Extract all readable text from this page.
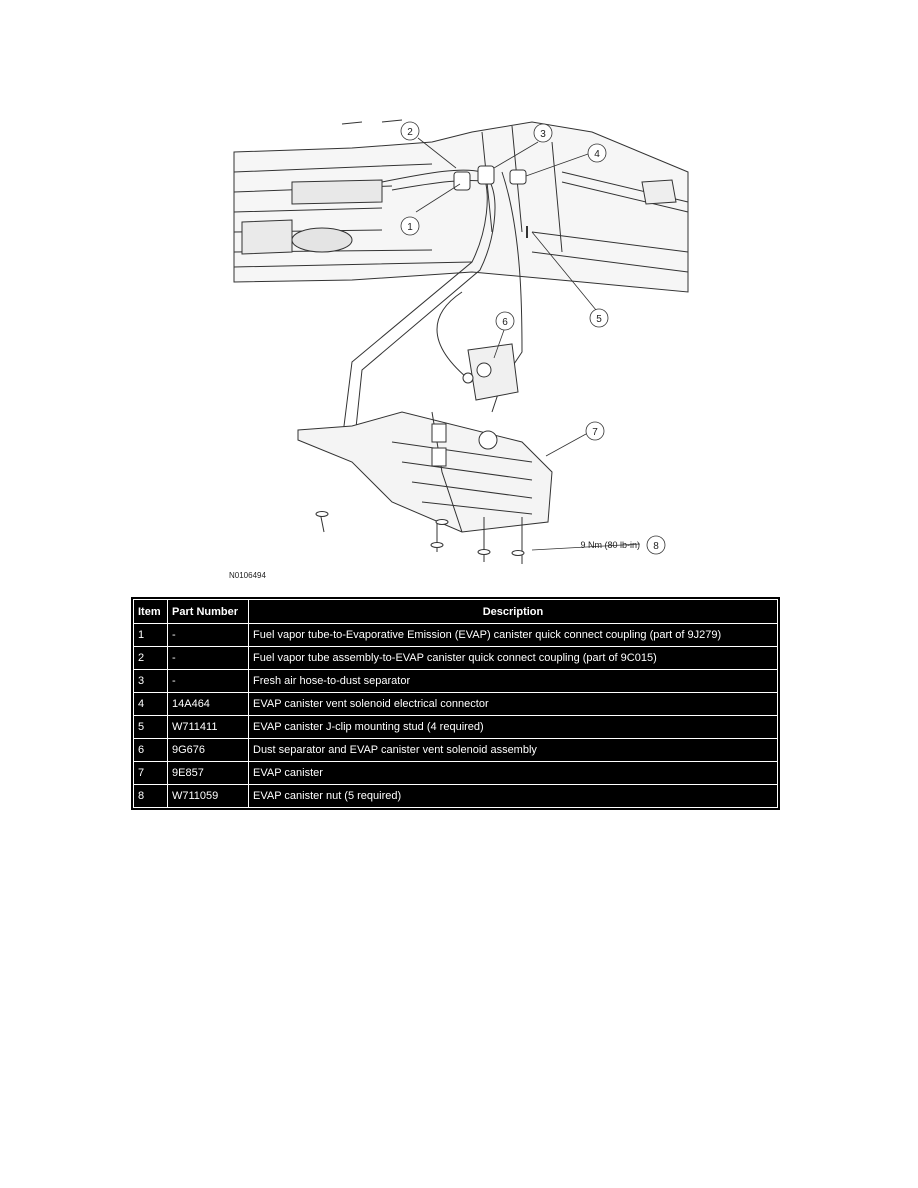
1
2	3
4
5
6
7
8
9 Nm (80 lb-in)
N0106494
Item	Part Number	Description
1	-	Fuel vapor tube-to-Evaporative Emission (EVAP) canister quick connect coupling (part of 9J279)
2	-	Fuel vapor tube assembly-to-EVAP canister quick connect coupling (part of 9C015)
3	-	Fresh air hose-to-dust separator
4	14A464	EVAP canister vent solenoid electrical connector
5	W711411	EVAP canister J-clip mounting stud (4 required)
6	9G676	Dust separator and EVAP canister vent solenoid assembly
7	9E857	EVAP canister
8	W711059	EVAP canister nut (5 required)
